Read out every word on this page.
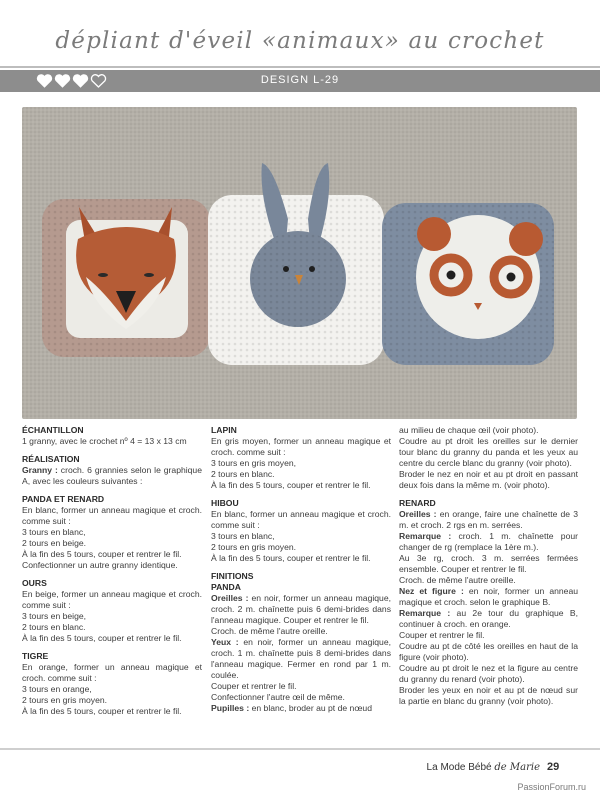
dépliant d'éveil «animaux» au crochet
DESIGN L-29
ÉCHANTILLON
1 granny, avec le crochet nº 4 = 13 x 13 cm
RÉALISATION
Granny : croch. 6 grannies selon le graphique A, avec les couleurs suivantes :
PANDA ET RENARD
En blanc, former un anneau magique et croch. comme suit :
3 tours en blanc,
2 tours en beige.
À la fin des 5 tours, couper et rentrer le fil.
Confectionner un autre granny identique.
OURS
En beige, former un anneau magique et croch. comme suit :
3 tours en beige,
2 tours en blanc.
À la fin des 5 tours, couper et rentrer le fil.
TIGRE
En orange, former un anneau magique et croch. comme suit :
3 tours en orange,
2 tours en gris moyen.
À la fin des 5 tours, couper et rentrer le fil.
LAPIN
En gris moyen, former un anneau magique et croch. comme suit :
3 tours en gris moyen,
2 tours en blanc.
À la fin des 5 tours, couper et rentrer le fil.
HIBOU
En blanc, former un anneau magique et croch. comme suit :
3 tours en blanc,
2 tours en gris moyen.
À la fin des 5 tours, couper et rentrer le fil.
FINITIONS
PANDA
Oreilles : en noir, former un anneau magique, croch. 2 m. chaînette puis 6 demi-brides dans l'anneau magique. Couper et rentrer le fil.
Croch. de même l'autre oreille.
Yeux : en noir, former un anneau magique, croch. 1 m. chaînette puis 8 demi-brides dans l'anneau magique. Fermer en rond par 1 m. coulée.
Couper et rentrer le fil.
Confectionner l'autre œil de même.
Pupilles : en blanc, broder au pt de nœud
au milieu de chaque œil (voir photo).
Coudre au pt droit les oreilles sur le dernier tour blanc du granny du panda et les yeux au centre du cercle blanc du granny (voir photo).
Broder le nez en noir et au pt droit en passant deux fois dans la même m. (voir photo).
RENARD
Oreilles : en orange, faire une chaînette de 3 m. et croch. 2 rgs en m. serrées.
Remarque : croch. 1 m. chaînette pour changer de rg (remplace la 1ère m.).
Au 3e rg, croch. 3 m. serrées fermées ensemble. Couper et rentrer le fil.
Croch. de même l'autre oreille.
Nez et figure : en noir, former un anneau magique et croch. selon le graphique B.
Remarque : au 2e tour du graphique B, continuer à croch. en orange.
Couper et rentrer le fil.
Coudre au pt de côté les oreilles en haut de la figure (voir photo).
Coudre au pt droit le nez et la figure au centre du granny du renard (voir photo).
Broder les yeux en noir et au pt de nœud sur la partie en blanc du granny (voir photo).
La Mode Bébé de Marie 29
PassionForum.ru
